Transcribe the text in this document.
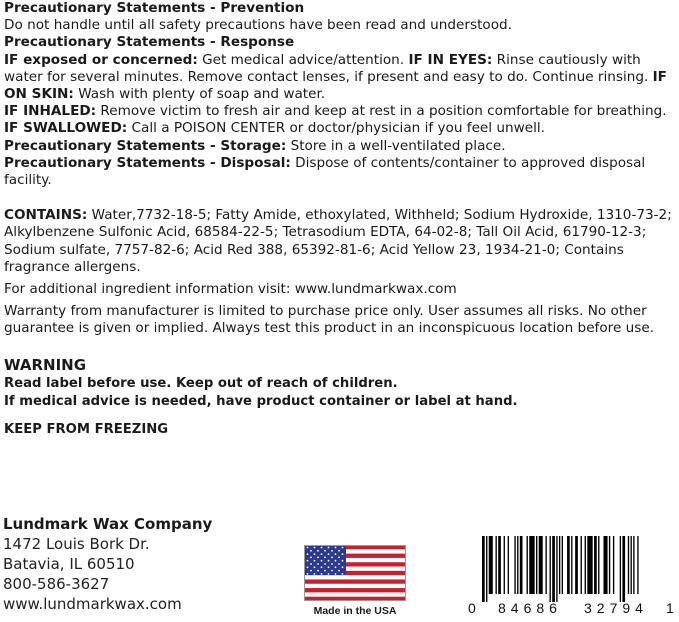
Precautionary Statements - Prevention

Do not handle until all safety precautions have been read and understood.

Precautionary Statements - Response

IF exposed or concerned: Get medical advice/attention. IF IN EYES: Rinse cautiously with water for several minutes. Remove contact lenses, if present and easy to do. Continue rinsing. IF ON SKIN: Wash with plenty of soap and water.

IF INHALED: Remove victim to fresh air and keep at rest in a position comfortable for breathing.

IF SWALLOWED: Call a POISON CENTER or doctor/physician if you feel unwell.

Precautionary Statements - Storage: Store in a well-ventilated place.

Precautionary Statements - Disposal: Dispose of contents/container to approved disposal facility.

CONTAINS: Water,7732-18-5; Fatty Amide, ethoxylated, Withheld; Sodium Hydroxide, 1310-73-2; Alkylbenzene Sulfonic Acid, 68584-22-5; Tetrasodium EDTA, 64-02-8; Tall Oil Acid, 61790-12-3; Sodium sulfate, 7757-82-6; Acid Red 388, 65392-81-6; Acid Yellow 23, 1934-21-0; Contains fragrance allergens.

For additional ingredient information visit: www.lundmarkwax.com

Warranty from manufacturer is limited to purchase price only. User assumes all risks. No other guarantee is given or implied. Always test this product in an inconspicuous location before use.

WARNING

Read label before use. Keep out of reach of children.

If medical advice is needed, have product container or label at hand.

KEEP FROM FREEZING

Lundmark Wax Company
1472 Louis Bork Dr.
Batavia, IL 60510
800-586-3627
www.lundmarkwax.com	Made in the USA	0 84686 32794 1
